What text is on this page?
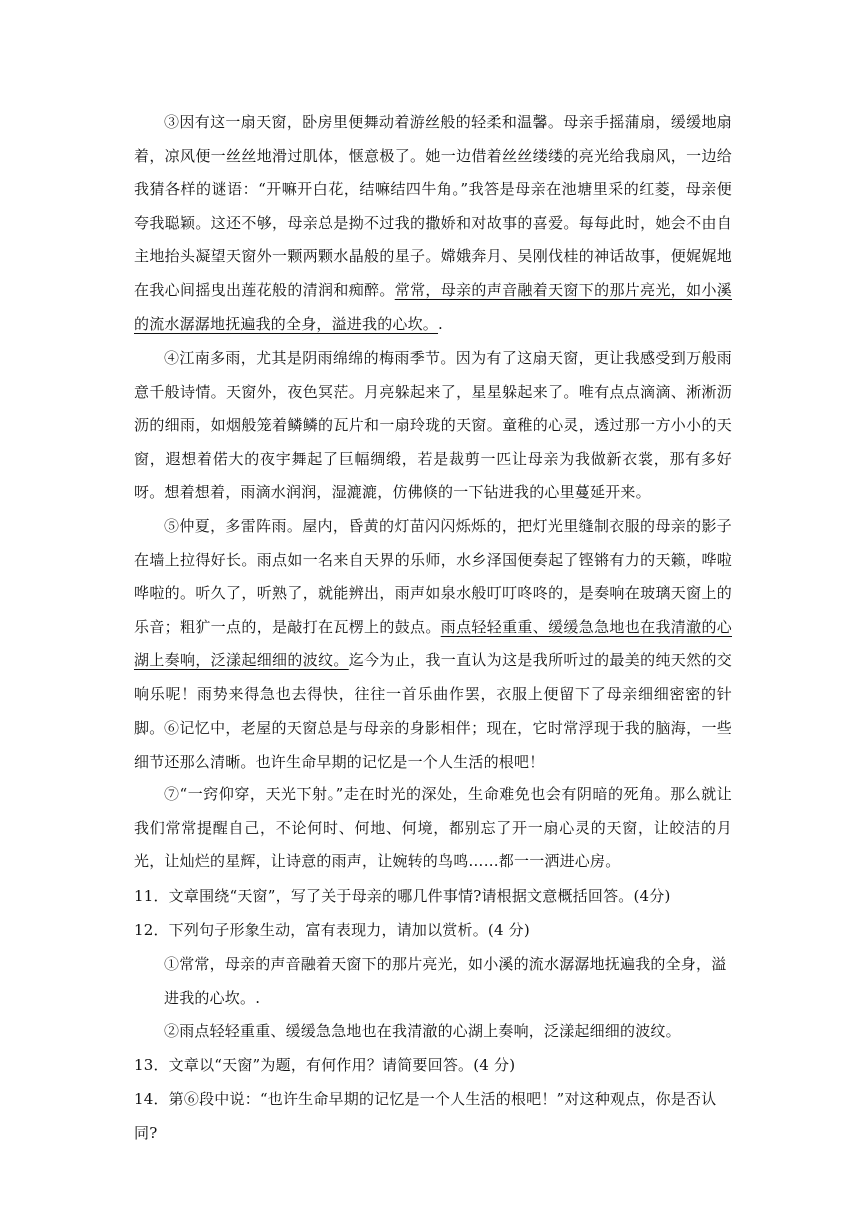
③因有这一扇天窗，卧房里便舞动着游丝般的轻柔和温馨。母亲手摇蒲扇，缓缓地扇着，凉风便一丝丝地滑过肌体，惬意极了。她一边借着丝丝缕缕的亮光给我扇风，一边给我猜各样的谜语：“开嘛开白花，结嘛结四牛角。”我答是母亲在池塘里采的红菱，母亲便夸我聪颖。这还不够，母亲总是拗不过我的撒娇和对故事的喜爱。每每此时，她会不由自主地抬头凝望天窗外一颗两颗水晶般的星子。嫦娥奔月、吴刚伐桂的神话故事，便娓娓地在我心间摇曳出莲花般的清润和痴醉。常常，母亲的声音融着天窗下的那片亮光，如小溪的流水潺潺地抚遍我的全身，溢进我的心坎。.

④江南多雨，尤其是阴雨绵绵的梅雨季节。因为有了这扇天窗，更让我感受到万般雨意千般诗情。天窗外，夜色冥茫。月亮躲起来了，星星躲起来了。唯有点点滴滴、淅淅沥沥的细雨，如烟般笼着鳞鳞的瓦片和一扇玲珑的天窗。童稚的心灵，透过那一方小小的天窗，遐想着偌大的夜宇舞起了巨幅绸缎，若是裁剪一匹让母亲为我做新衣裳，那有多好呀。想着想着，雨滴水润润，湿漉漉，仿佛倏的一下钻进我的心里蔓延开来。

⑤仲夏，多雷阵雨。屋内，昏黄的灯苗闪闪烁烁的，把灯光里缝制衣服的母亲的影子在墙上拉得好长。雨点如一名来自天界的乐师，水乡泽国便奏起了铿锵有力的天籁，哗啦哗啦的。听久了，听熟了，就能辨出，雨声如泉水般叮叮咚咚的，是奏响在玻璃天窗上的乐音；粗犷一点的，是敲打在瓦楞上的鼓点。雨点轻轻重重、缓缓急急地也在我清澈的心湖上奏响，泛漾起细细的波纹。迄今为止，我一直认为这是我所听过的最美的纯天然的交响乐呢！雨势来得急也去得快，往往一首乐曲作罢，衣服上便留下了母亲细细密密的针脚。 ⑥记忆中，老屋的天窗总是与母亲的身影相伴；现在，它时常浮现于我的脑海，一些细节还那么清晰。也许生命早期的记忆是一个人生活的根吧！

⑦“一窍仰穿，天光下射。”走在时光的深处，生命难免也会有阴暗的死角。那么就让我们常常提醒自己，不论何时、何地、何境，都别忘了开一扇心灵的天窗，让皎洁的月光，让灿烂的星辉，让诗意的雨声，让婉转的鸟鸣……都一一洒进心房。

11．文章围绕“天窗”，写了关于母亲的哪几件事情?请根据文意概括回答。(4分)

12．下列句子形象生动，富有表现力，请加以赏析。(4 分)

①常常，母亲的声音融着天窗下的那片亮光，如小溪的流水潺潺地抚遍我的全身，溢进我的心坎。.

②雨点轻轻重重、缓缓急急地也在我清澈的心湖上奏响，泛漾起细细的波纹。

13．文章以“天窗”为题，有何作用？请简要回答。(4 分)

14．第⑥段中说：“也许生命早期的记忆是一个人生活的根吧！”对这种观点，你是否认同?
